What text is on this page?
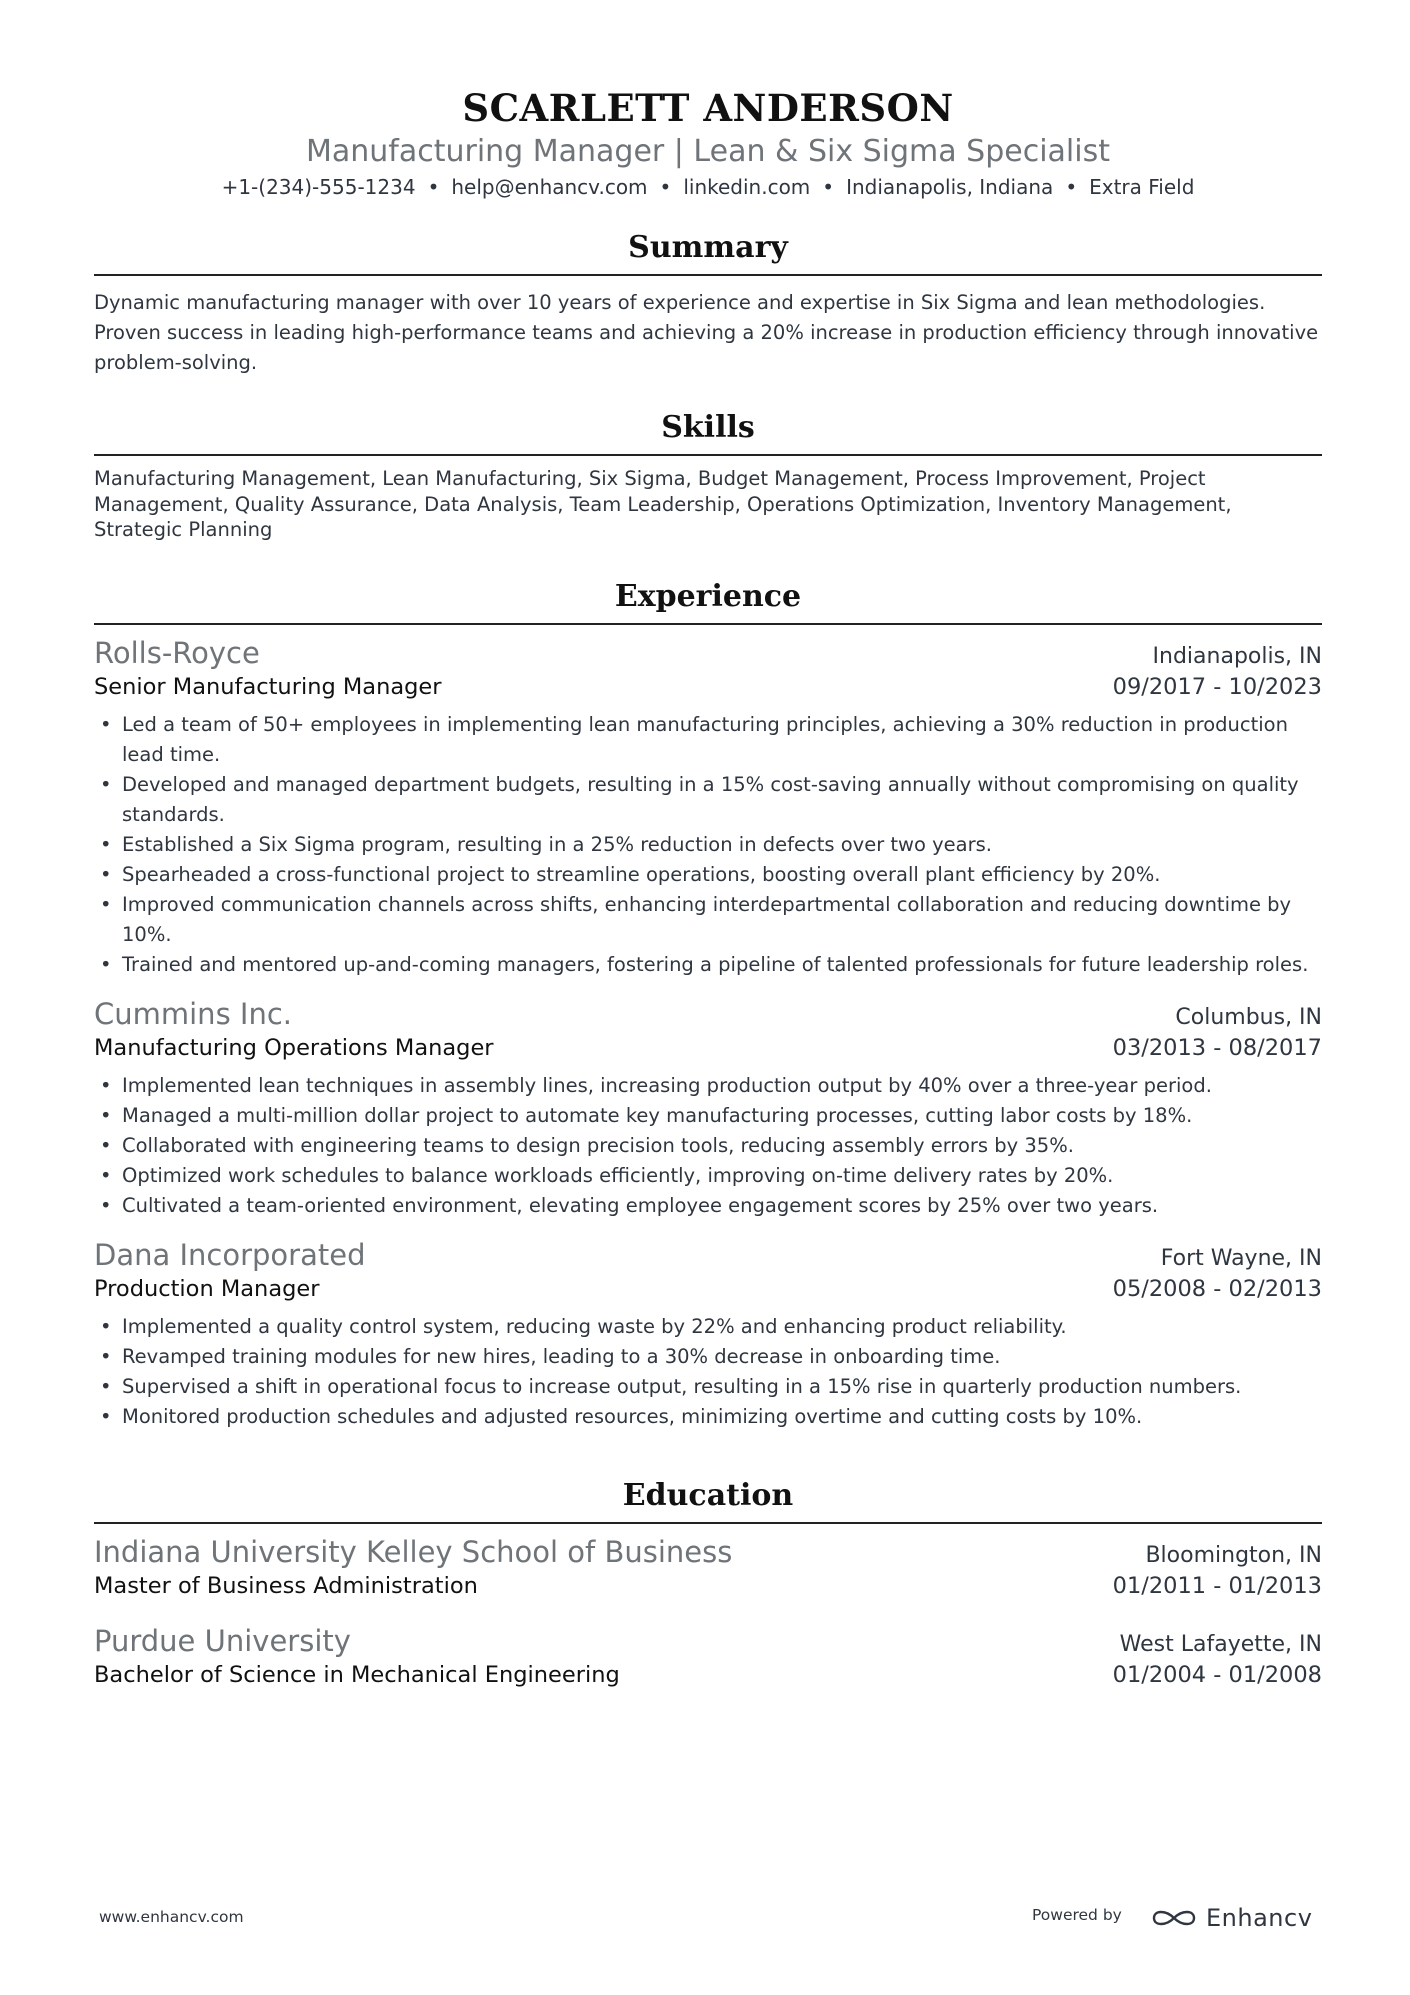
SCARLETT ANDERSON
Manufacturing Manager | Lean & Six Sigma Specialist
+1-(234)-555-1234 • help@enhancv.com • linkedin.com • Indianapolis, Indiana • Extra Field
Summary
Dynamic manufacturing manager with over 10 years of experience and expertise in Six Sigma and lean methodologies. Proven success in leading high-performance teams and achieving a 20% increase in production efficiency through innovative problem-solving.
Skills
Manufacturing Management, Lean Manufacturing, Six Sigma, Budget Management, Process Improvement, Project Management, Quality Assurance, Data Analysis, Team Leadership, Operations Optimization, Inventory Management, Strategic Planning
Experience
Rolls-Royce	Indianapolis, IN
Senior Manufacturing Manager	09/2017 - 10/2023
• Led a team of 50+ employees in implementing lean manufacturing principles, achieving a 30% reduction in production lead time.
• Developed and managed department budgets, resulting in a 15% cost-saving annually without compromising on quality standards.
• Established a Six Sigma program, resulting in a 25% reduction in defects over two years.
• Spearheaded a cross-functional project to streamline operations, boosting overall plant efficiency by 20%.
• Improved communication channels across shifts, enhancing interdepartmental collaboration and reducing downtime by 10%.
• Trained and mentored up-and-coming managers, fostering a pipeline of talented professionals for future leadership roles.
Cummins Inc.	Columbus, IN
Manufacturing Operations Manager	03/2013 - 08/2017
• Implemented lean techniques in assembly lines, increasing production output by 40% over a three-year period.
• Managed a multi-million dollar project to automate key manufacturing processes, cutting labor costs by 18%.
• Collaborated with engineering teams to design precision tools, reducing assembly errors by 35%.
• Optimized work schedules to balance workloads efficiently, improving on-time delivery rates by 20%.
• Cultivated a team-oriented environment, elevating employee engagement scores by 25% over two years.
Dana Incorporated	Fort Wayne, IN
Production Manager	05/2008 - 02/2013
• Implemented a quality control system, reducing waste by 22% and enhancing product reliability.
• Revamped training modules for new hires, leading to a 30% decrease in onboarding time.
• Supervised a shift in operational focus to increase output, resulting in a 15% rise in quarterly production numbers.
• Monitored production schedules and adjusted resources, minimizing overtime and cutting costs by 10%.
Education
Indiana University Kelley School of Business	Bloomington, IN
Master of Business Administration	01/2011 - 01/2013
Purdue University	West Lafayette, IN
Bachelor of Science in Mechanical Engineering	01/2004 - 01/2008
www.enhancv.com	Powered by	Enhancv
